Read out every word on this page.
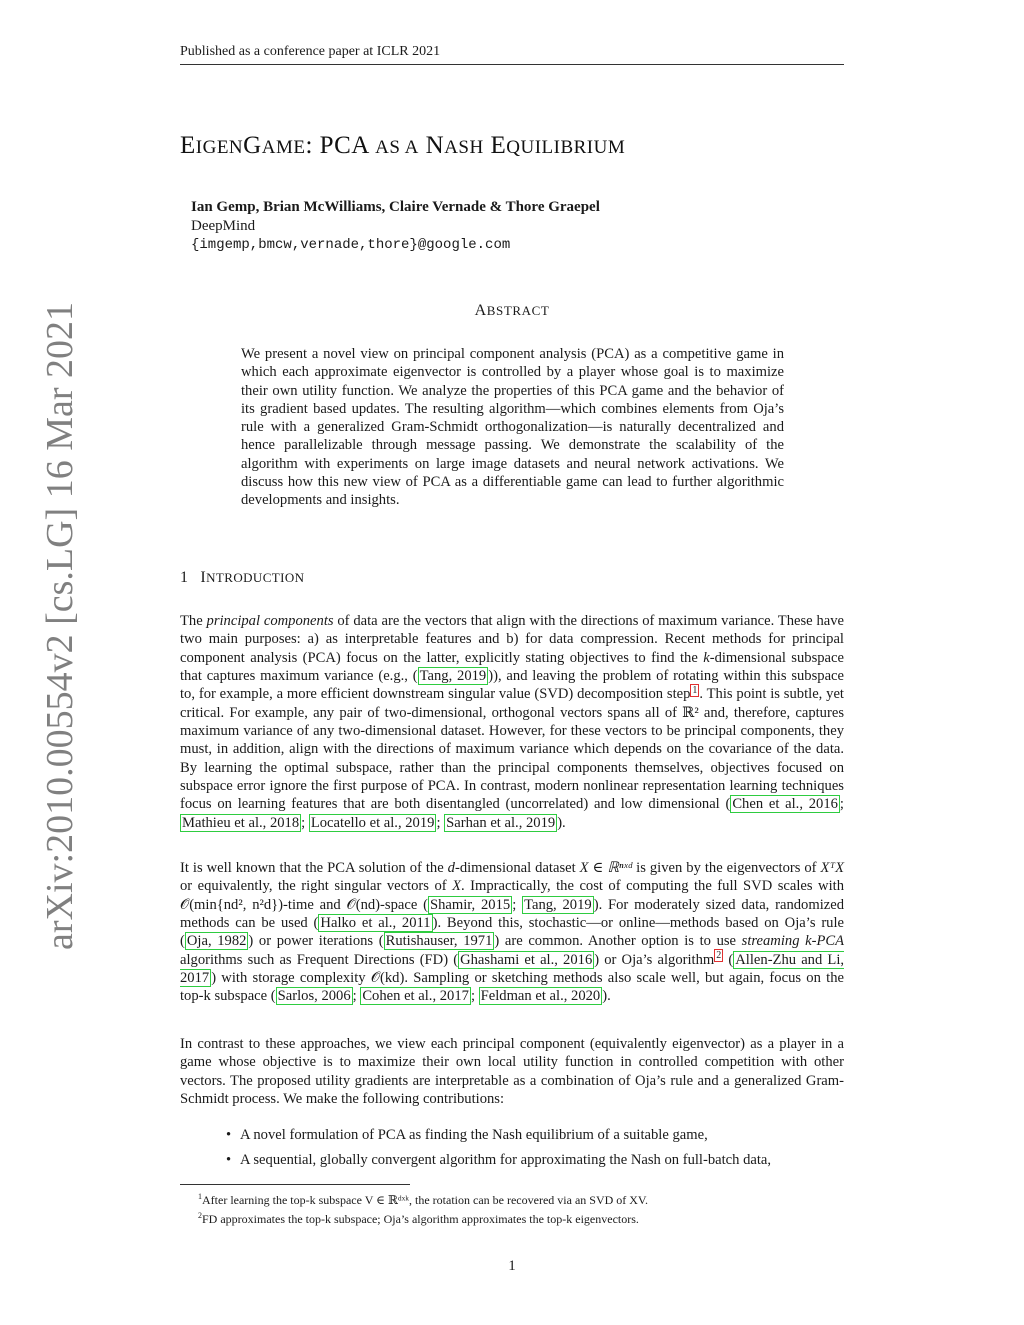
Published as a conference paper at ICLR 2021
arXiv:2010.00554v2 [cs.LG] 16 Mar 2021
EIGENGAME: PCA AS A NASH EQUILIBRIUM
Ian Gemp, Brian McWilliams, Claire Vernade & Thore Graepel
DeepMind
{imgemp,bmcw,vernade,thore}@google.com
ABSTRACT

We present a novel view on principal component analysis (PCA) as a competitive game in which each approximate eigenvector is controlled by a player whose goal is to maximize their own utility function. We analyze the properties of this PCA game and the behavior of its gradient based updates. The resulting algorithm—which combines elements from Oja’s rule with a generalized Gram-Schmidt orthogonalization—is naturally decentralized and hence parallelizable through message passing. We demonstrate the scalability of the algorithm with experiments on large image datasets and neural network activations. We discuss how this new view of PCA as a differentiable game can lead to further algorithmic developments and insights.

1 INTRODUCTION

The principal components of data are the vectors that align with the directions of maximum variance. These have two main purposes: a) as interpretable features and b) for data compression. Recent methods for principal component analysis (PCA) focus on the latter, explicitly stating objectives to find the k-dimensional subspace that captures maximum variance (e.g., ( Tang, 2019 )), and leaving the problem of rotating within this subspace to, for example, a more efficient downstream singular value (SVD) decomposition step $^1$ . This point is subtle, yet critical. For example, any pair of two-dimensional, orthogonal vectors spans all of ℝ² and, therefore, captures maximum variance of any two-dimensional dataset. However, for these vectors to be principal components, they must, in addition, align with the directions of maximum variance which depends on the covariance of the data. By learning the optimal subspace, rather than the principal components themselves, objectives focused on subspace error ignore the first purpose of PCA. In contrast, modern nonlinear representation learning techniques focus on learning features that are both disentangled (uncorrelated) and low dimensional ( Chen et al., 2016 ; Mathieu et al., 2018 ; Locatello et al., 2019 ; Sarhan et al., 2019 ).

It is well known that the PCA solution of the d-dimensional dataset X ∈ ℝⁿˣᵈ is given by the eigenvectors of XᵀX or equivalently, the right singular vectors of X. Impractically, the cost of computing the full SVD scales with 𝒪(min{nd², n²d})-time and 𝒪(nd)-space ( Shamir, 2015 ; Tang, 2019 ). For moderately sized data, randomized methods can be used ( Halko et al., 2011 ). Beyond this, stochastic—or online—methods based on Oja’s rule ( Oja, 1982 ) or power iterations ( Rutishauser, 1971 ) are common. Another option is to use streaming k-PCA algorithms such as Frequent Directions (FD) ( Ghashami et al., 2016 ) or Oja’s algorithm $^2$ ( Allen-Zhu and Li, 2017 ) with storage complexity 𝒪(kd). Sampling or sketching methods also scale well, but again, focus on the top-k subspace ( Sarlos, 2006 ; Cohen et al., 2017 ; Feldman et al., 2020 ).

In contrast to these approaches, we view each principal component (equivalently eigenvector) as a player in a game whose objective is to maximize their own local utility function in controlled competition with other vectors. The proposed utility gradients are interpretable as a combination of Oja’s rule and a generalized Gram-Schmidt process. We make the following contributions:

• A novel formulation of PCA as finding the Nash equilibrium of a suitable game,
• A sequential, globally convergent algorithm for approximating the Nash on full-batch data,
$^1$After learning the top-k subspace V ∈ ℝᵈˣᵏ, the rotation can be recovered via an SVD of XV.
$^2$FD approximates the top-k subspace; Oja’s algorithm approximates the top-k eigenvectors.
1
